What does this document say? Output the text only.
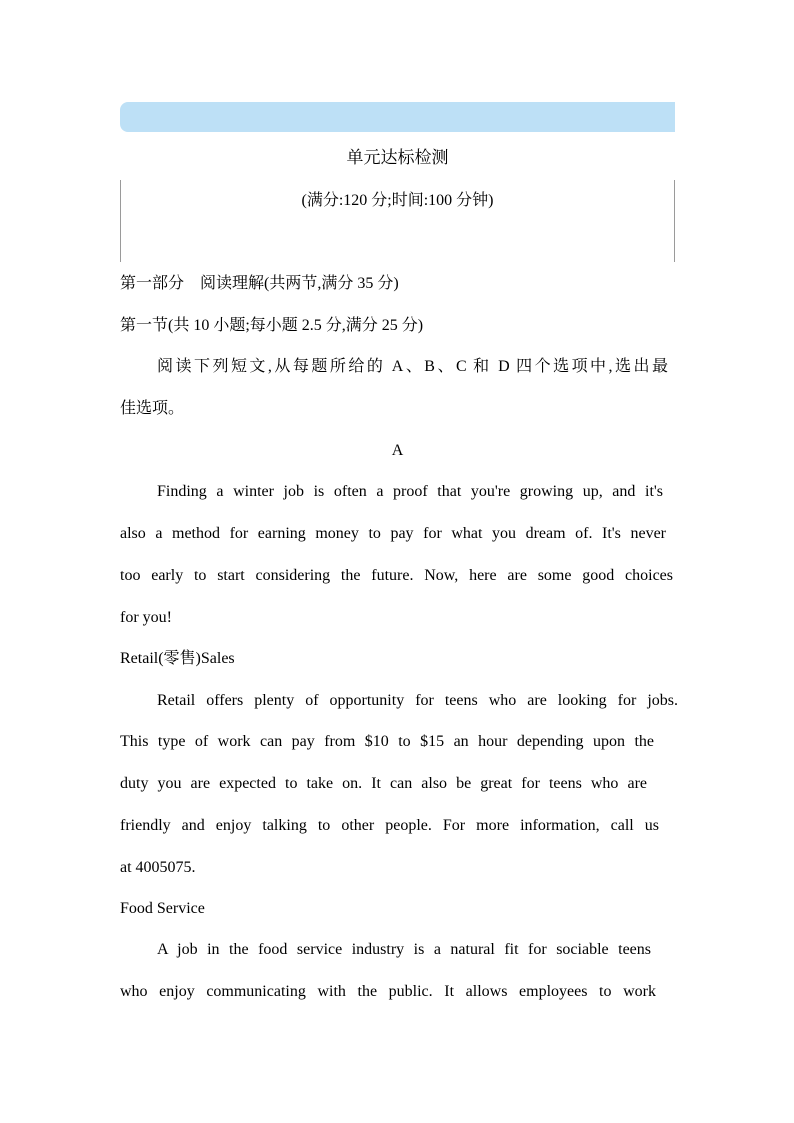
单元达标检测
(满分:120 分;时间:100 分钟)
第一部分　阅读理解(共两节,满分 35 分)
第一节(共 10 小题;每小题 2.5 分,满分 25 分)
阅读下列短文,从每题所给的 A、B、C 和 D 四个选项中,选出最
佳选项。
A
Finding a winter job is often a proof that you're growing up, and it's
also a method for earning money to pay for what you dream of. It's never
too early to start considering the future. Now, here are some good choices
for you!
Retail(零售)Sales
Retail offers plenty of opportunity for teens who are looking for jobs.
This type of work can pay from $10 to $15 an hour depending upon the
duty you are expected to take on. It can also be great for teens who are
friendly and enjoy talking to other people. For more information, call us
at 4005075.
Food Service
A job in the food service industry is a natural fit for sociable teens
who enjoy communicating with the public. It allows employees to work
